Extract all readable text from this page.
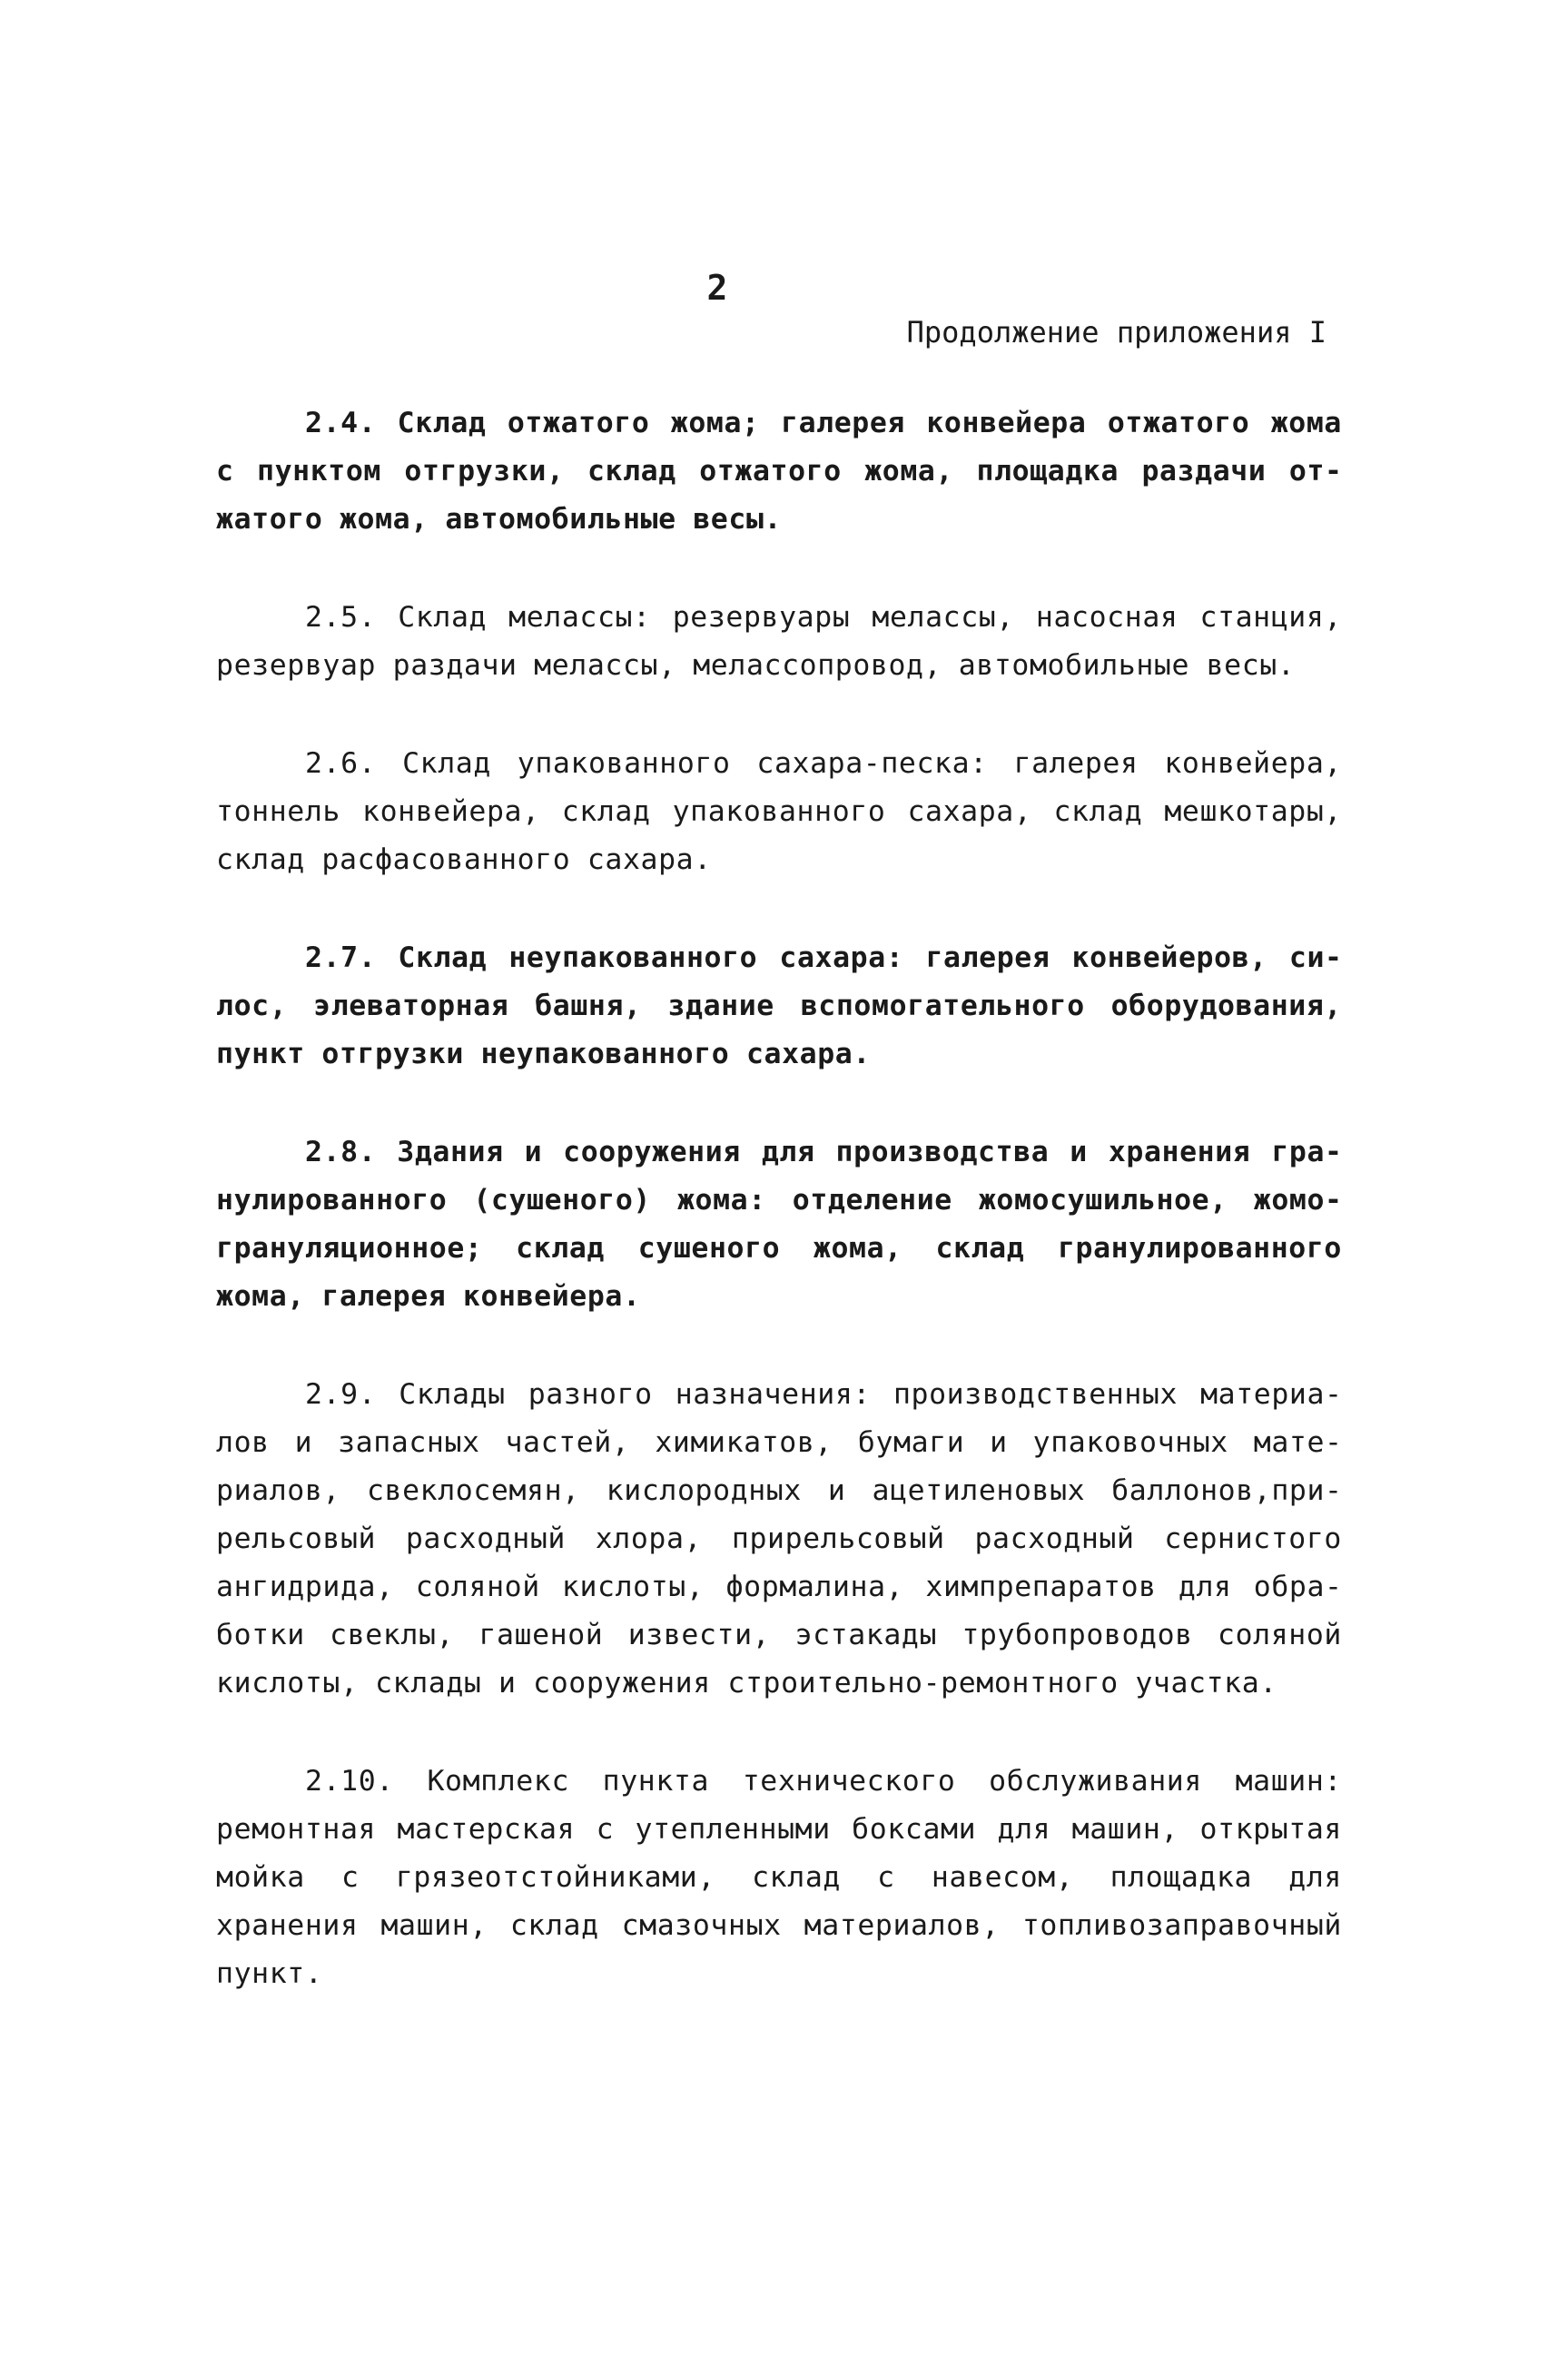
2
Продолжение приложения I

2.4. Склад отжатого жома; галерея конвейера отжатого жома с пунктом отгрузки, склад отжатого жома, площадка раздачи отжатого жома, автомобильные весы.

2.5. Склад мелассы: резервуары мелассы, насосная станция, резервуар раздачи мелассы, мелассопровод, автомобильные весы.

2.6. Склад упакованного сахара-песка: галерея конвейера, тоннель конвейера, склад упакованного сахара, склад мешкотары, склад расфасованного сахара.

2.7. Склад неупакованного сахара: галерея конвейеров, силос, элеваторная башня, здание вспомогательного оборудования, пункт отгрузки неупакованного сахара.

2.8. Здания и сооружения для производства и хранения гранулированного (сушеного) жома: отделение жомосушильное, жомогрануляционное; склад сушеного жома, склад гранулированного жома, галерея конвейера.

2.9. Склады разного назначения: производственных материалов и запасных частей, химикатов, бумаги и упаковочных материалов, свеклосемян, кислородных и ацетиленовых баллонов,прирельсовый расходный хлора, прирельсовый расходный сернистого ангидрида, соляной кислоты, формалина, химпрепаратов для обработки свеклы, гашеной извести, эстакады трубопроводов соляной кислоты, склады и сооружения строительно-ремонтного участка.

2.10. Комплекс пункта технического обслуживания машин: ремонтная мастерская с утепленными боксами для машин, открытая мойка с грязеотстойниками, склад с навесом, площадка для хранения машин, склад смазочных материалов, топливозаправочный пункт.
